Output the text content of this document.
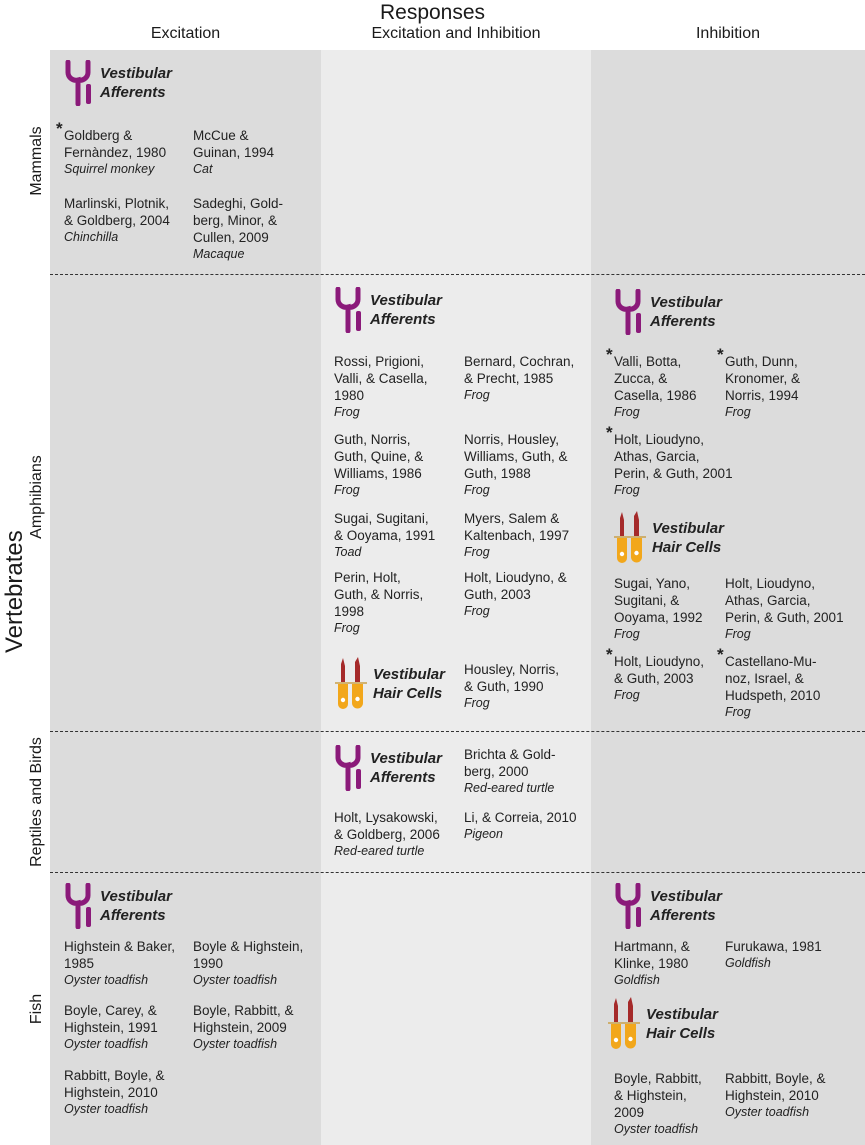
Responses
Excitation	Excitation and Inhibition	Inhibition
Vertebrates
Mammals
Amphibians
Reptiles and Birds
Fish
Vestibular
Afferents
Vestibular
Afferents
Vestibular
Afferents
Vestibular
Hair Cells
Vestibular
Hair Cells
Vestibular
Afferents
Vestibular
Afferents
Vestibular
Afferents
Vestibular
Hair Cells
* Goldberg &
Fernàndez, 1980
Squirrel monkey
McCue &
Guinan, 1994
Cat
Marlinski, Plotnik,
& Goldberg, 2004
Chinchilla
Sadeghi, Gold-
berg, Minor, &
Cullen, 2009
Macaque
Rossi, Prigioni,
Valli, & Casella,
1980
Frog
Bernard, Cochran,
& Precht, 1985
Frog
Guth, Norris,
Guth, Quine, &
Williams, 1986
Frog
Norris, Housley,
Williams, Guth, &
Guth, 1988
Frog
Sugai, Sugitani,
& Ooyama, 1991
Toad
Myers, Salem &
Kaltenbach, 1997
Frog
Perin, Holt,
Guth, & Norris,
1998
Frog
Holt, Lioudyno, &
Guth, 2003
Frog
Housley, Norris,
& Guth, 1990
Frog
* Valli, Botta,
Zucca, &
Casella, 1986
Frog
* Guth, Dunn,
Kronomer, &
Norris, 1994
Frog
* Holt, Lioudyno,
Athas, Garcia,
Perin, & Guth, 2001
Frog
Sugai, Yano,
Sugitani, &
Ooyama, 1992
Frog
Holt, Lioudyno,
Athas, Garcia,
Perin, & Guth, 2001
Frog
* Holt, Lioudyno,
& Guth, 2003
Frog
* Castellano-Mu-
noz, Israel, &
Hudspeth, 2010
Frog
Brichta & Gold-
berg, 2000
Red-eared turtle
Holt, Lysakowski,
& Goldberg, 2006
Red-eared turtle
Li, & Correia, 2010
Pigeon
Highstein & Baker,
1985
Oyster toadfish
Boyle & Highstein,
1990
Oyster toadfish
Boyle, Carey, &
Highstein, 1991
Oyster toadfish
Boyle, Rabbitt, &
Highstein, 2009
Oyster toadfish
Rabbitt, Boyle, &
Highstein, 2010
Oyster toadfish
Hartmann, &
Klinke, 1980
Goldfish
Furukawa, 1981
Goldfish
Boyle, Rabbitt,
& Highstein,
2009
Oyster toadfish
Rabbitt, Boyle, &
Highstein, 2010
Oyster toadfish
